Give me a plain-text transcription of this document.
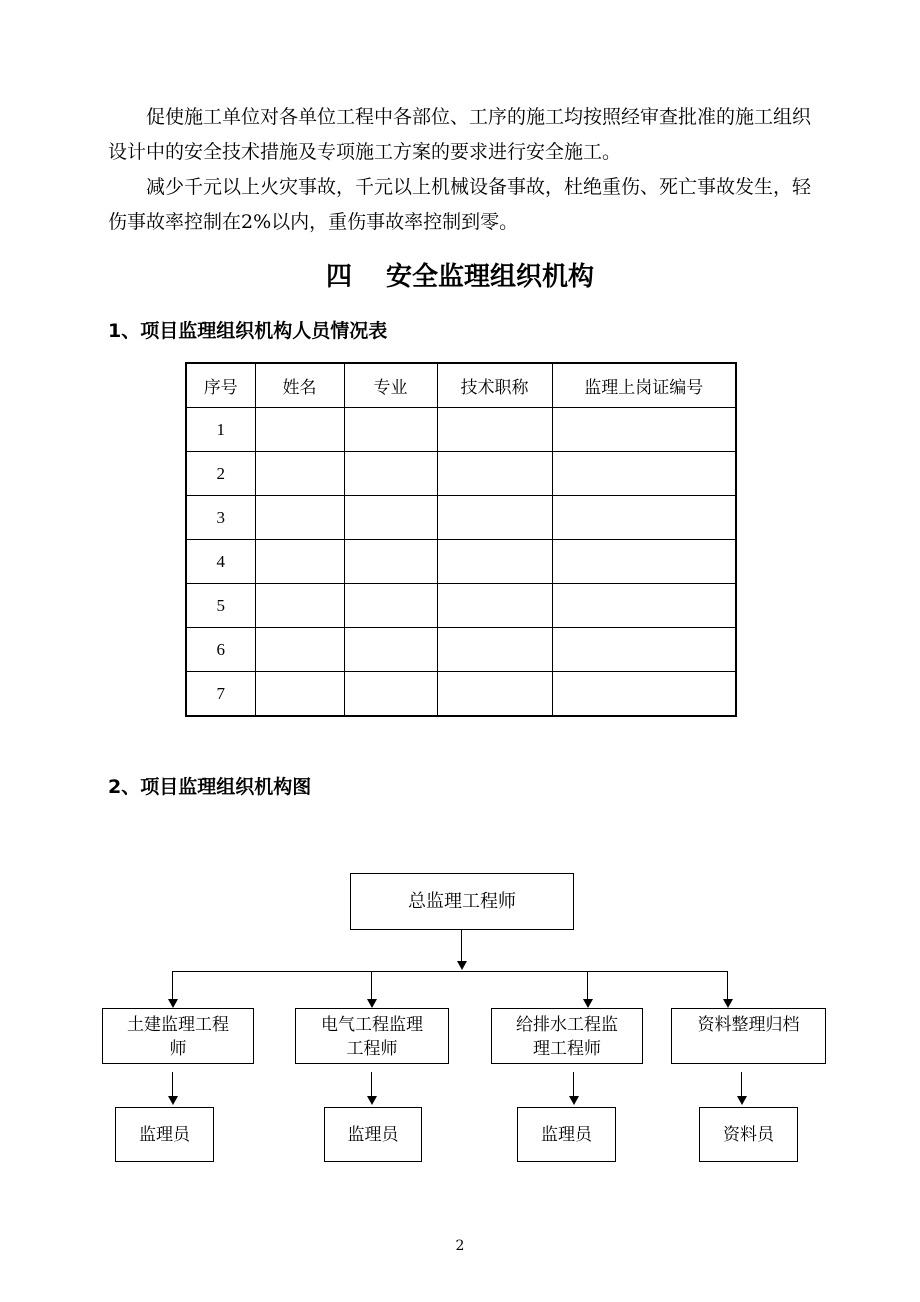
促使施工单位对各单位工程中各部位、工序的施工均按照经审查批准的施工组织设计中的安全技术措施及专项施工方案的要求进行安全施工。

减少千元以上火灾事故，千元以上机械设备事故，杜绝重伤、死亡事故发生，轻伤事故率控制在2%以内，重伤事故率控制到零。

四 安全监理组织机构
1、项目监理组织机构人员情况表
序号	姓名	专业	技术职称	监理上岗证编号
1				
2				
3				
4				
5				
6				
7				
2、项目监理组织机构图
总监理工程师
土建监理工程师
电气工程监理工程师
给排水工程监理工程师
资料整理归档
监理员	监理员	监理员	资料员
2
